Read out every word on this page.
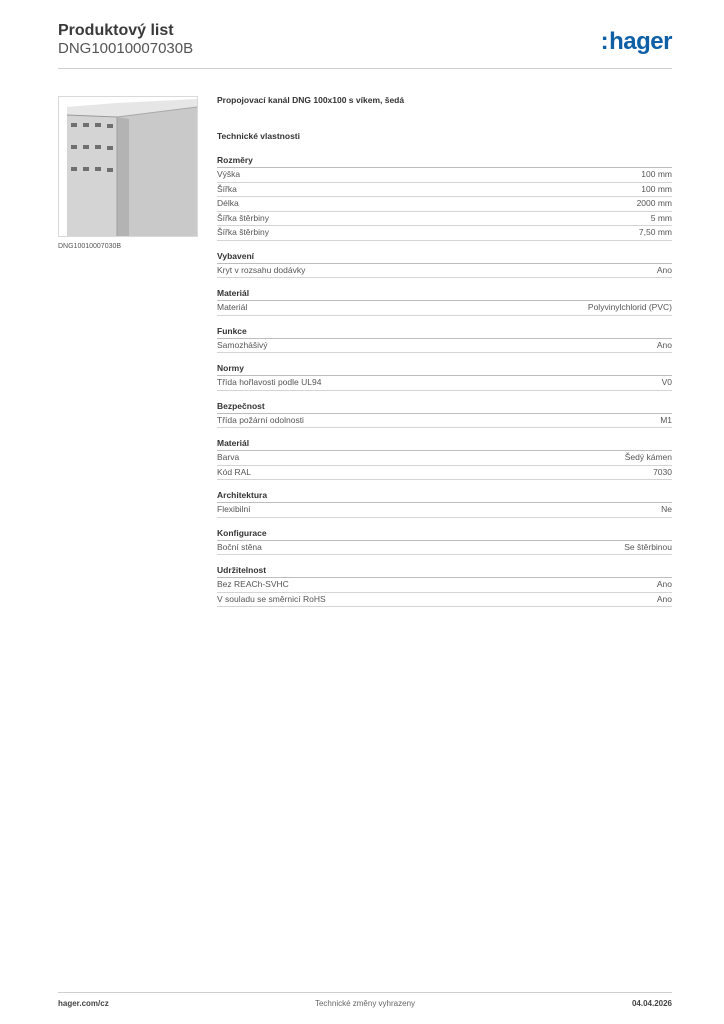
Produktový list
DNG10010007030B	:hager
DNG10010007030B
Propojovací kanál DNG 100x100 s víkem, šedá
Technické vlastnosti
Rozměry
Výška	100 mm
Šířka	100 mm
Délka	2000 mm
Šířka štěrbiny	5 mm
Šířka štěrbiny	7,50 mm
Vybavení
Kryt v rozsahu dodávky	Ano
Materiál
Materiál	Polyvinylchlorid (PVC)
Funkce
Samozhášivý	Ano
Normy
Třída hořlavosti podle UL94	V0
Bezpečnost
Třída požární odolnosti	M1
Materiál
Barva	Šedý kámen
Kód RAL	7030
Architektura
Flexibilní	Ne
Konfigurace
Boční stěna	Se štěrbinou
Udržitelnost
Bez REACh-SVHC	Ano
V souladu se směrnicí RoHS	Ano
hager.com/cz	Technické změny vyhrazeny	04.04.2026
